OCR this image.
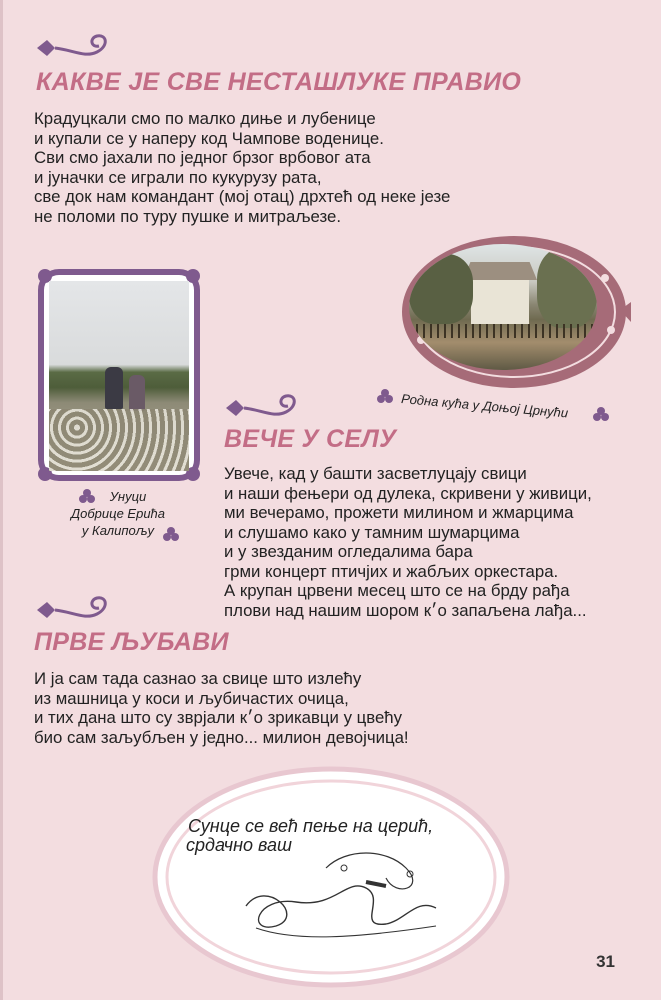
КАКВЕ ЈЕ СВЕ НЕСТАШЛУКЕ ПРАВИО
Крадуцкали смо по малко диње и лубенице
и купали се у наперу код Чампове воденице.
Сви смо јахали по једног брзог врбовог ата
и јуначки се играли по кукурузу рата,
све док нам командант (мој отац) дрхтећ од неке језе
не поломи по туру пушке и митраљезе.
Родна кућа у Доњој Црнући
Унуци
Добрице Ерића
у Калипољу
ВЕЧЕ У СЕЛУ
Увече, кад у башти засветлуцају свици
и наши фењери од дулека, скривени у живици,
ми вечерамо, прожети милином и жмарцима
и слушамо како у тамним шумарцима
и у звезданим огледалима бара
грми концерт птичјих и жабљих оркестара.
А крупан црвени месец што се на брду рађа
плови над нашим шором к׳о запаљена лађа...
ПРВЕ ЉУБАВИ
И ја сам тада сазнао за свице што излећу
из машница у коси и љубичастих очица,
и тих дана што су зврјали к׳о зрикавци у цвећу
био сам заљубљен у једно... милион девојчица!
Сунце се већ пење на церић,
срдачно ваш
31
